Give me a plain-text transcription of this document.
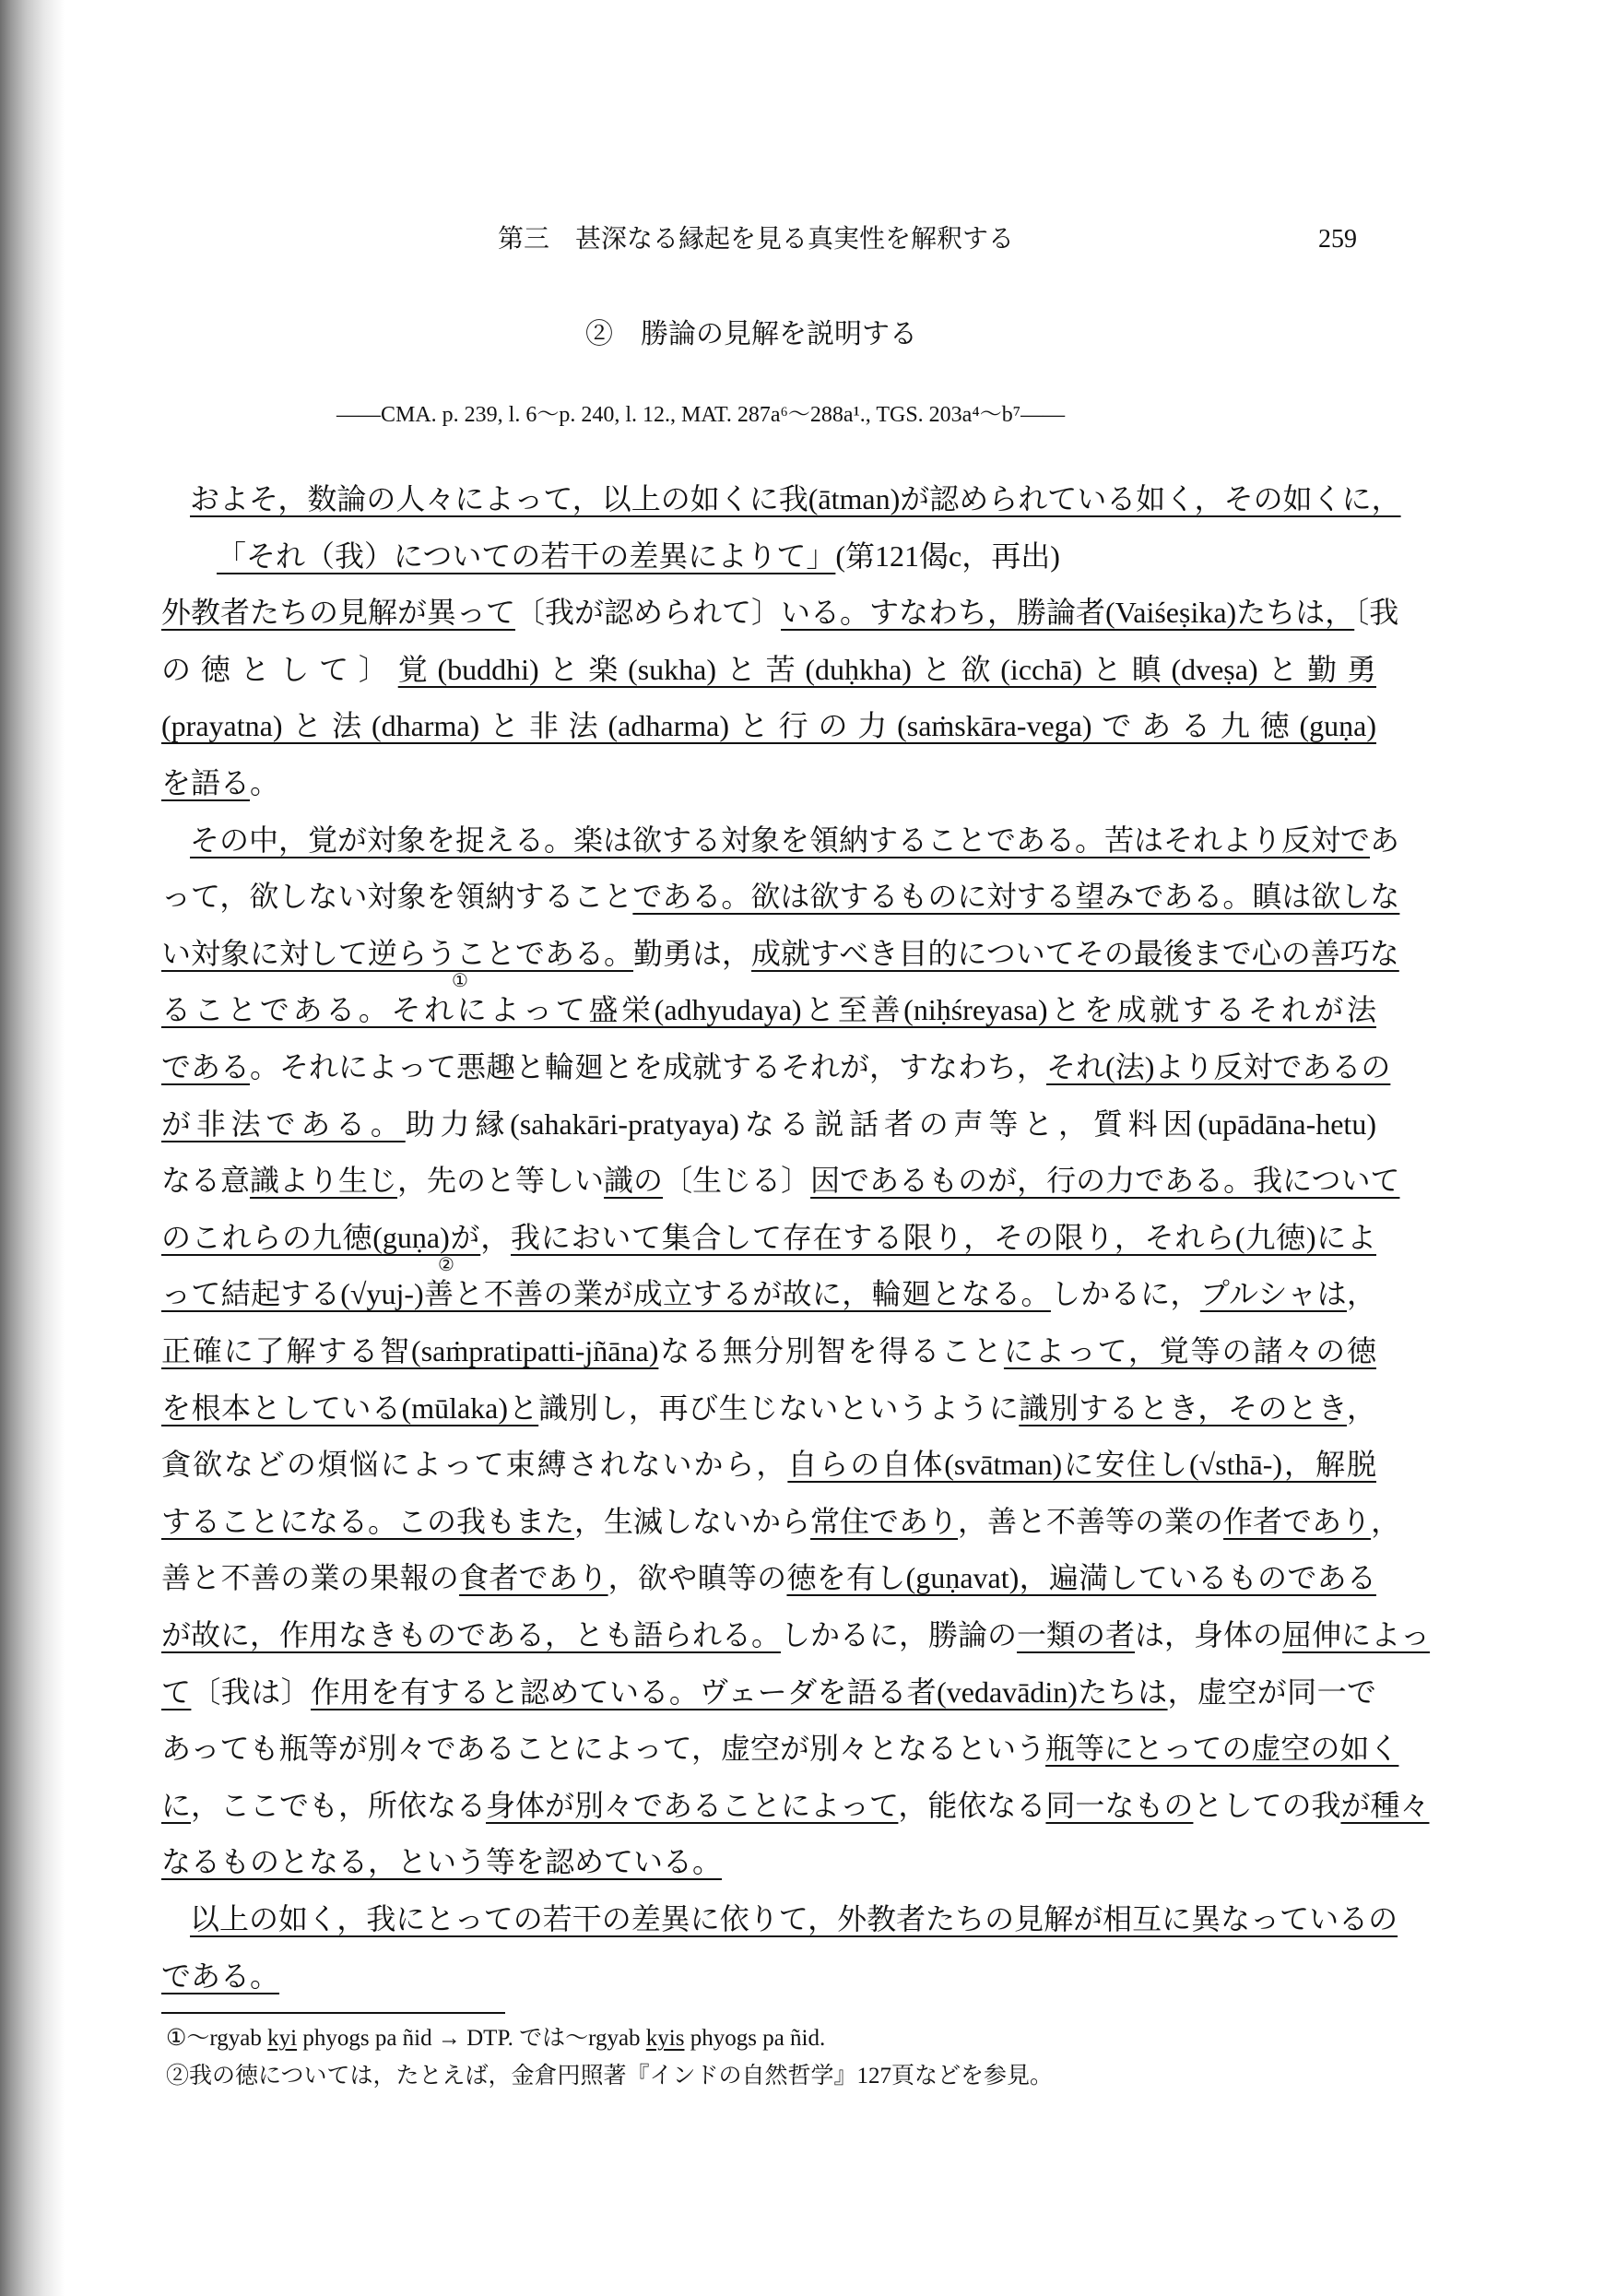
第三　甚深なる縁起を見る真実性を解釈する	259
②　勝論の見解を説明する
——CMA. p. 239, l. 6～p. 240, l. 12., MAT. 287a⁶～288a¹., TGS. 203a⁴～b⁷——
およそ，数論の人々によって，以上の如くに我(ātman)が認められている如く，その如くに，
「それ（我）についての若干の差異によりて」(第121偈c，再出)
外教者たちの見解が異って〔我が認められて〕いる。すなわち，勝論者(Vaiśeṣika)たちは，〔我
の徳として〕覚(buddhi)と楽(sukha)と苦(duḥkha)と欲(icchā)と瞋(dveṣa)と勤勇
(prayatna)と法(dharma)と非法(adharma)と行の力(saṁskāra-vega)である九徳(guṇa)
を語る。
その中，覚が対象を捉える。楽は欲する対象を領納することである。苦はそれより反対であ
って，欲しない対象を領納することである。欲は欲するものに対する望みである。瞋は欲しな
い対象に対して逆らうことである。勤勇は，成就すべき目的についてその最後まで心の善巧な
ることである。それによって盛栄(adhyudaya)と至善(niḥśreyasa)とを成就するそれが法
である。それによって悪趣と輪廻とを成就するそれが，すなわち，それ(法)より反対であるの
が非法である。助力縁(sahakāri-pratyaya)なる説話者の声等と，質料因(upādāna-hetu)
なる意識より生じ，先のと等しい識の〔生じる〕因であるものが，行の力である。我について
のこれらの九徳(guṇa)が，我において集合して存在する限り，その限り，それら(九徳)によ
って結起する(√yuj-)善と不善の業が成立するが故に，輪廻となる。しかるに，プルシャは，
正確に了解する智(saṁpratipatti-jñāna)なる無分別智を得ることによって，覚等の諸々の徳
を根本としている(mūlaka)と識別し，再び生じないというように識別するとき，そのとき，
貪欲などの煩悩によって束縛されないから，自らの自体(svātman)に安住し(√sthā-)，解脱
することになる。この我もまた，生滅しないから常住であり，善と不善等の業の作者であり，
善と不善の業の果報の食者であり，欲や瞋等の徳を有し(guṇavat)，遍満しているものである
が故に，作用なきものである，とも語られる。しかるに，勝論の一類の者は，身体の屈伸によっ
て〔我は〕作用を有すると認めている。ヴェーダを語る者(vedavādin)たちは，虚空が同一で
あっても瓶等が別々であることによって，虚空が別々となるという瓶等にとっての虚空の如く
に，ここでも，所依なる身体が別々であることによって，能依なる同一なものとしての我が種々
なるものとなる，という等を認めている。
以上の如く，我にとっての若干の差異に依りて，外教者たちの見解が相互に異なっているの
である。
①
②
①～rgyab kyi phyogs pa ñid → DTP. では～rgyab kyis phyogs pa ñid.
②我の徳については，たとえば，金倉円照著『インドの自然哲学』127頁などを参見。
